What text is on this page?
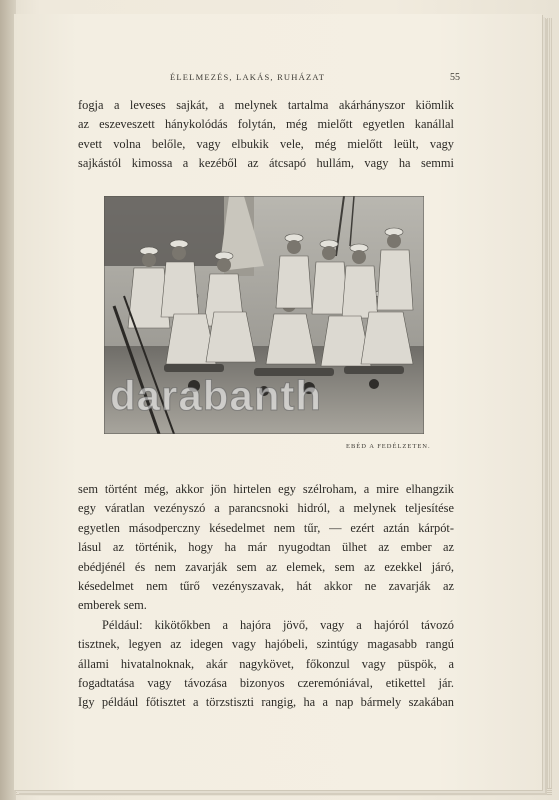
ÉLELMEZÉS, LAKÁS, RUHÁZAT	55
fogja a leveses sajkát, a melynek tartalma akárhányszor kiömlik
az eszeveszett hánykolódás folytán, még mielőtt egyetlen kanállal
evett volna belőle, vagy elbukik vele, még mielőtt leült, vagy
sajkástól kimossa a kezéből az átcsapó hullám, vagy ha semmi
EBÉD A FEDÉLZETEN.
sem történt még, akkor jön hirtelen egy szélroham, a mire elhangzik
egy váratlan vezényszó a parancsnoki hidról, a melynek teljesítése
egyetlen másodperczny késedelmet nem tűr, — ezért aztán kárpót-
lásul az történik, hogy ha már nyugodtan ülhet az ember az
ebédjénél és nem zavarják sem az elemek, sem az ezekkel járó,
késedelmet nem tűrő vezényszavak, hát akkor ne zavarják az
emberek sem.
Például: kikötőkben a hajóra jövő, vagy a hajóról távozó
tisztnek, legyen az idegen vagy hajóbeli, szintúgy magasabb rangú
állami hivatalnoknak, akár nagykövet, főkonzul vagy püspök, a
fogadtatása vagy távozása bizonyos czeremóniával, etikettel jár.
Igy például főtisztet a törzstiszti rangig, ha a nap bármely szakában
darabanth
